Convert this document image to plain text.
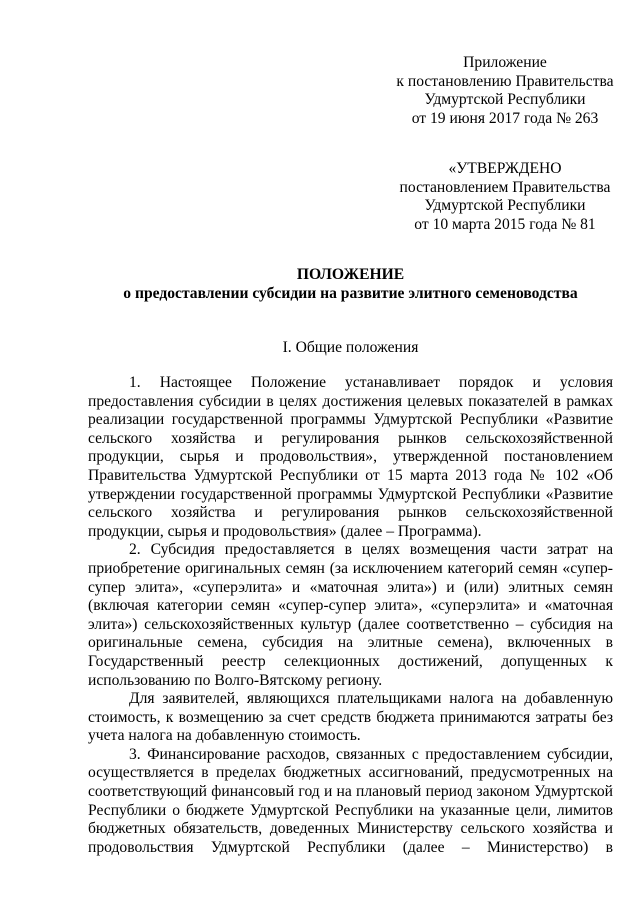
Приложение
к постановлению Правительства
Удмуртской Республики
от 19 июня 2017 года № 263
«УТВЕРЖДЕНО
постановлением Правительства
Удмуртской Республики
от 10 марта 2015 года № 81
ПОЛОЖЕНИЕ
о предоставлении субсидии на развитие элитного семеноводства
I. Общие положения

1. Настоящее Положение устанавливает порядок и условия предоставления субсидии в целях достижения целевых показателей в рамках реализации государственной программы Удмуртской Республики «Развитие сельского хозяйства и регулирования рынков сельскохозяйственной продукции, сырья и продовольствия», утвержденной постановлением Правительства Удмуртской Республики от 15 марта 2013 года № 102 «Об утверждении государственной программы Удмуртской Республики «Развитие сельского хозяйства и регулирования рынков сельскохозяйственной продукции, сырья и продовольствия» (далее – Программа).

2. Субсидия предоставляется в целях возмещения части затрат на приобретение оригинальных семян (за исключением категорий семян «супер-супер элита», «суперэлита» и «маточная элита») и (или) элитных семян (включая категории семян «супер-супер элита», «суперэлита» и «маточная элита») сельскохозяйственных культур (далее соответственно – субсидия на оригинальные семена, субсидия на элитные семена), включенных в Государственный реестр селекционных достижений, допущенных к использованию по Волго-Вятскому региону.

Для заявителей, являющихся плательщиками налога на добавленную стоимость, к возмещению за счет средств бюджета принимаются затраты без учета налога на добавленную стоимость.

3. Финансирование расходов, связанных с предоставлением субсидии, осуществляется в пределах бюджетных ассигнований, предусмотренных на соответствующий финансовый год и на плановый период законом Удмуртской Республики о бюджете Удмуртской Республики на указанные цели, лимитов бюджетных обязательств, доведенных Министерству сельского хозяйства и продовольствия Удмуртской Республики (далее – Министерство) в
